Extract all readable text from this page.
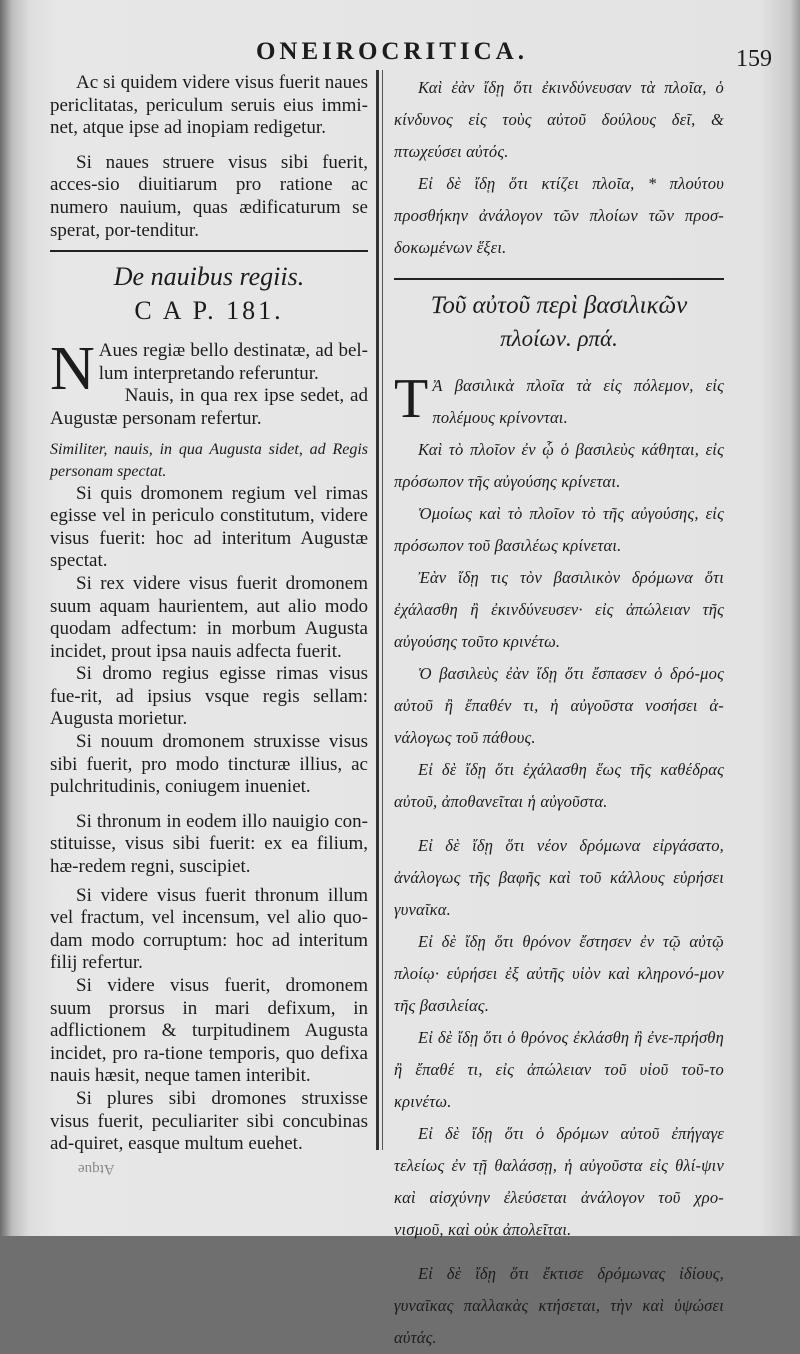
ONEIROCRITICA.	159

Ac si quidem videre visus fuerit naues periclitatas, periculum seruis eius immi-net, atque ipse ad inopiam redigetur.

Si naues struere visus sibi fuerit, acces-sio diuitiarum pro ratione ac numero nauium, quas ædificaturum se sperat, por-tenditur.

De nauibus regiis.
C A P. 181.

N Aues regiæ bello destinatæ, ad bel-lum interpretando referuntur.

Nauis, in qua rex ipse sedet, ad Augustæ personam refertur.

Similiter, nauis, in qua Augusta sidet, ad Regis personam spectat.

Si quis dromonem regium vel rimas egisse vel in periculo constitutum, videre visus fuerit: hoc ad interitum Augustæ spectat.

Si rex videre visus fuerit dromonem suum aquam haurientem, aut alio modo quodam adfectum: in morbum Augusta incidet, prout ipsa nauis adfecta fuerit.

Si dromo regius egisse rimas visus fue-rit, ad ipsius vsque regis sellam: Augusta morietur.

Si nouum dromonem struxisse visus sibi fuerit, pro modo tincturæ illius, ac pulchritudinis, coniugem inueniet.

Si thronum in eodem illo nauigio con-stituisse, visus sibi fuerit: ex ea filium, hæ-redem regni, suscipiet.

Si videre visus fuerit thronum illum vel fractum, vel incensum, vel alio quo-dam modo corruptum: hoc ad interitum filij refertur.

Si videre visus fuerit, dromonem suum prorsus in mari defixum, in adflictionem & turpitudinem Augusta incidet, pro ra-tione temporis, quo defixa nauis hæsit, neque tamen interibit.

Si plures sibi dromones struxisse visus fuerit, peculiariter sibi concubinas ad-quiret, easque multum euehet.

Καὶ ἐὰν ἴδῃ ὅτι ἐκινδύνευσαν τὰ πλοῖα, ὁ κίνδυνος εἰς τοὺς αὐτοῦ δούλους δεῖ, & πτωχεύσει αὐτός.

Εἰ δὲ ἴδῃ ὅτι κτίζει πλοῖα, * πλούτου προσθήκην ἀνάλογον τῶν πλοίων τῶν προσ-δοκωμένων ἕξει.

Τοῦ αὐτοῦ περὶ βασιλικῶν
πλοίων. ρπά.

Τ Ἀ βασιλικὰ πλοῖα τὰ εἰς πόλεμον, εἰς πολέμους κρίνονται.

Καὶ τὸ πλοῖον ἐν ᾧ ὁ βασιλεὺς κάθηται, εἰς πρόσωπον τῆς αὐγούσης κρίνεται.

Ὁμοίως καὶ τὸ πλοῖον τὸ τῆς αὐγούσης, εἰς πρόσωπον τοῦ βασιλέως κρίνεται.

Ἐὰν ἴδῃ τις τὸν βασιλικὸν δρόμωνα ὅτι ἐχάλασθη ἢ ἐκινδύνευσεν· εἰς ἀπώλειαν τῆς αὐγούσης τοῦτο κρινέτω.

Ὁ βασιλεὺς ἐὰν ἴδῃ ὅτι ἔσπασεν ὁ δρό-μος αὐτοῦ ἢ ἔπαθέν τι, ἡ αὐγοῦστα νοσήσει ἀ-νάλογως τοῦ πάθους.

Εἰ δὲ ἴδῃ ὅτι ἐχάλασθη ἕως τῆς καθέδρας αὐτοῦ, ἀποθανεῖται ἡ αὐγοῦστα.

Εἰ δὲ ἴδῃ ὅτι νέον δρόμωνα εἰργάσατο, ἀνάλογως τῆς βαφῆς καὶ τοῦ κάλλους εὑρήσει γυναῖκα.

Εἰ δὲ ἴδῃ ὅτι θρόνον ἔστησεν ἐν τῷ αὐτῷ πλοίῳ· εὑρήσει ἐξ αὐτῆς υἱὸν καὶ κληρονό-μον τῆς βασιλείας.

Εἰ δὲ ἴδῃ ὅτι ὁ θρόνος ἐκλάσθη ἢ ἐνε-πρήσθη ἢ ἔπαθέ τι, εἰς ἀπώλειαν τοῦ υἱοῦ τοῦ-το κρινέτω.

Εἰ δὲ ἴδῃ ὅτι ὁ δρόμων αὐτοῦ ἐπήγαγε τελείως ἐν τῇ θαλάσσῃ, ἡ αὐγοῦστα εἰς θλί-ψιν καὶ αἰσχύνην ἐλεύσεται ἀνάλογον τοῦ χρο-νισμοῦ, καὶ οὐκ ἀπολεῖται.

Εἰ δὲ ἴδῃ ὅτι ἔκτισε δρόμωνας ἰδίους, γυναῖκας παλλακὰς κτήσεται, τὴν καὶ ὑψώσει αὐτάς.

Atque
